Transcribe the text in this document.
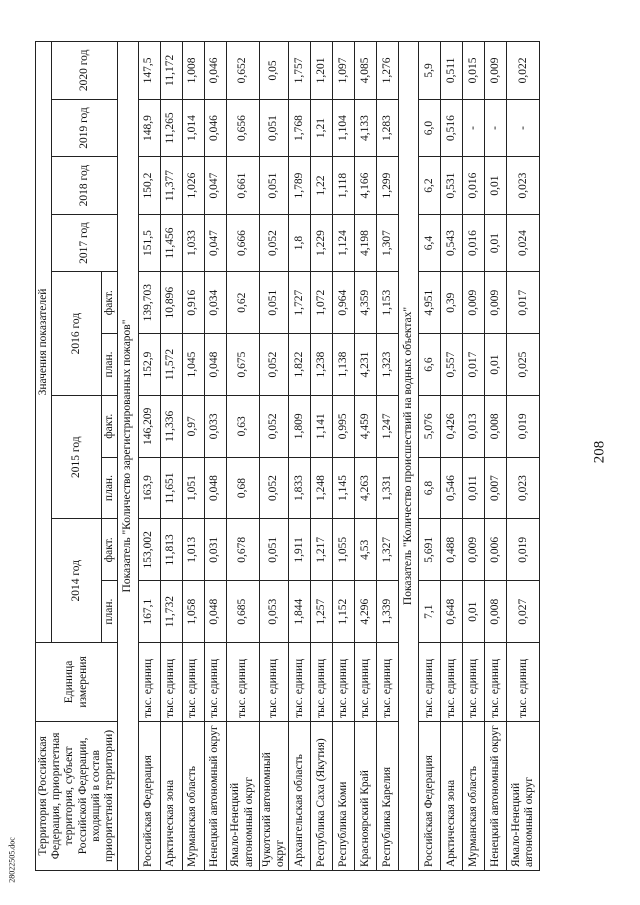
208
28022505.doc
Территория (Российская Федерация, приоритетная территория, субъект Российской Федерации, входящий в состав приоритетной территории)	Единица измерения	Значения показателей									
		2014 год		2015 год		2016 год		2017 год	2018 год	2019 год	2020 год
		план.	факт.	план.	факт.	план.	факт.				
Показатель "Количество зарегистрированных пожаров"											
Российская Федерация	тыс. единиц	167,1	153,002	163,9	146,209	152,9	139,703	151,5	150,2	148,9	147,5
Арктическая зона	тыс. единиц	11,732	11,813	11,651	11,336	11,572	10,896	11,456	11,377	11,265	11,172
Мурманская область	тыс. единиц	1,058	1,013	1,051	0,97	1,045	0,916	1,033	1,026	1,014	1,008
Ненецкий автономный округ	тыс. единиц	0,048	0,031	0,048	0,033	0,048	0,034	0,047	0,047	0,046	0,046
Ямало-Ненецкий автономный округ	тыс. единиц	0,685	0,678	0,68	0,63	0,675	0,62	0,666	0,661	0,656	0,652
Чукотский автономный округ	тыс. единиц	0,053	0,051	0,052	0,052	0,052	0,051	0,052	0,051	0,051	0,05
Архангельская область	тыс. единиц	1,844	1,911	1,833	1,809	1,822	1,727	1,8	1,789	1,768	1,757
Республика Саха (Якутия)	тыс. единиц	1,257	1,217	1,248	1,141	1,238	1,072	1,229	1,22	1,21	1,201
Республика Коми	тыс. единиц	1,152	1,055	1,145	0,995	1,138	0,964	1,124	1,118	1,104	1,097
Красноярский Край	тыс. единиц	4,296	4,53	4,263	4,459	4,231	4,359	4,198	4,166	4,133	4,085
Республика Карелия	тыс. единиц	1,339	1,327	1,331	1,247	1,323	1,153	1,307	1,299	1,283	1,276
Показатель "Количество происшествий на водных объектах"											
Российская Федерация	тыс. единиц	7,1	5,691	6,8	5,076	6,6	4,951	6,4	6,2	6,0	5,9
Арктическая зона	тыс. единиц	0,648	0,488	0,546	0,426	0,557	0,39	0,543	0,531	0,516	0,511
Мурманская область	тыс. единиц	0,01	0,009	0,011	0,013	0,017	0,009	0,016	0,016	-	0,015
Ненецкий автономный округ	тыс. единиц	0,008	0,006	0,007	0,008	0,01	0,009	0,01	0,01	-	0,009
Ямало-Ненецкий автономный округ	тыс. единиц	0,027	0,019	0,023	0,019	0,025	0,017	0,024	0,023	-	0,022
